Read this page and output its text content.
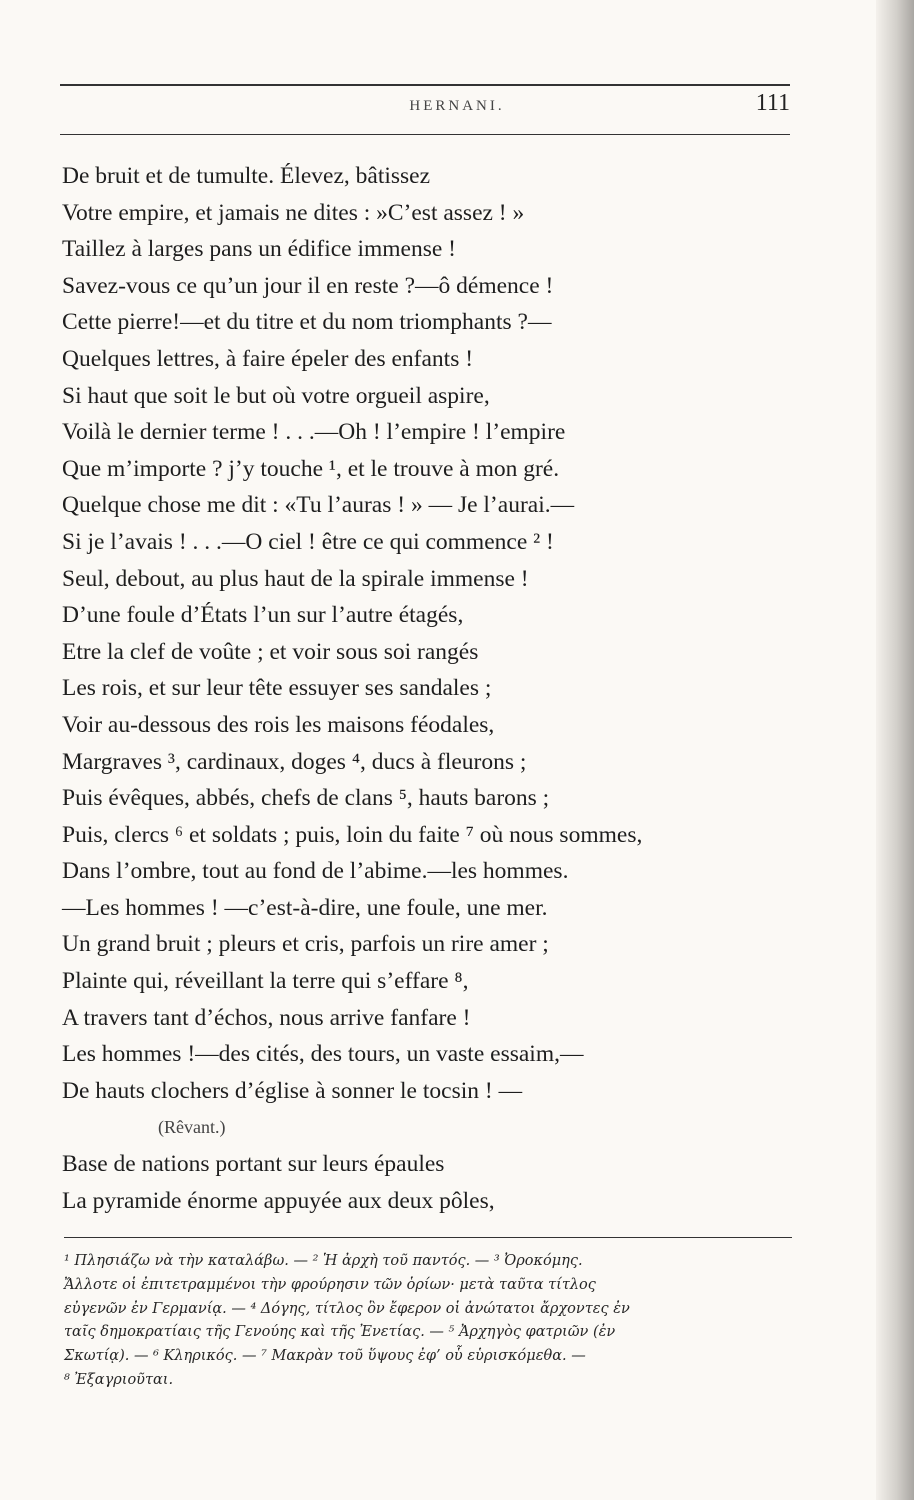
HERNANI.	111
De bruit et de tumulte. Élevez, bâtissez
Votre empire, et jamais ne dites : »C’est assez ! »
Taillez à larges pans un édifice immense !
Savez-vous ce qu’un jour il en reste ?—ô démence !
Cette pierre!—et du titre et du nom triomphants ?—
Quelques lettres, à faire épeler des enfants !
Si haut que soit le but où votre orgueil aspire,
Voilà le dernier terme ! . . .—Oh ! l’empire ! l’empire
Que m’importe ? j’y touche ¹, et le trouve à mon gré.
Quelque chose me dit : «Tu l’auras ! » — Je l’aurai.—
Si je l’avais ! . . .—O ciel ! être ce qui commence ² !
Seul, debout, au plus haut de la spirale immense !
D’une foule d’États l’un sur l’autre étagés,
Etre la clef de voûte ; et voir sous soi rangés
Les rois, et sur leur tête essuyer ses sandales ;
Voir au-dessous des rois les maisons féodales,
Margraves ³, cardinaux, doges ⁴, ducs à fleurons ;
Puis évêques, abbés, chefs de clans ⁵, hauts barons ;
Puis, clercs ⁶ et soldats ; puis, loin du faite ⁷ où nous sommes,
Dans l’ombre, tout au fond de l’abime.—les hommes.
—Les hommes ! —c’est-à-dire, une foule, une mer.
Un grand bruit ; pleurs et cris, parfois un rire amer ;
Plainte qui, réveillant la terre qui s’effare ⁸,
A travers tant d’échos, nous arrive fanfare !
Les hommes !—des cités, des tours, un vaste essaim,—
De hauts clochers d’église à sonner le tocsin ! —
(Rêvant.)
Base de nations portant sur leurs épaules
La pyramide énorme appuyée aux deux pôles,
¹ Πλησιάζω νὰ τὴν καταλάβω. — ² Ἡ ἀρχὴ τοῦ παντός. — ³ Ὀροκόμης.
Ἄλλοτε οἱ ἐπιτετραμμένοι τὴν φρούρησιν τῶν ὁρίων· μετὰ ταῦτα τίτλος
εὐγενῶν ἐν Γερμανίᾳ. — ⁴ Δόγης, τίτλος ὃν ἔφερον οἱ ἀνώτατοι ἄρχοντες ἐν
ταῖς δημοκρατίαις τῆς Γενούης καὶ τῆς Ἐνετίας. — ⁵ Ἀρχηγὸς φατριῶν (ἐν
Σκωτίᾳ). — ⁶ Κληρικός. — ⁷ Μακρὰν τοῦ ὕψους ἐφ’ οὗ εὑρισκόμεθα. —
⁸ Ἐξαγριοῦται.
